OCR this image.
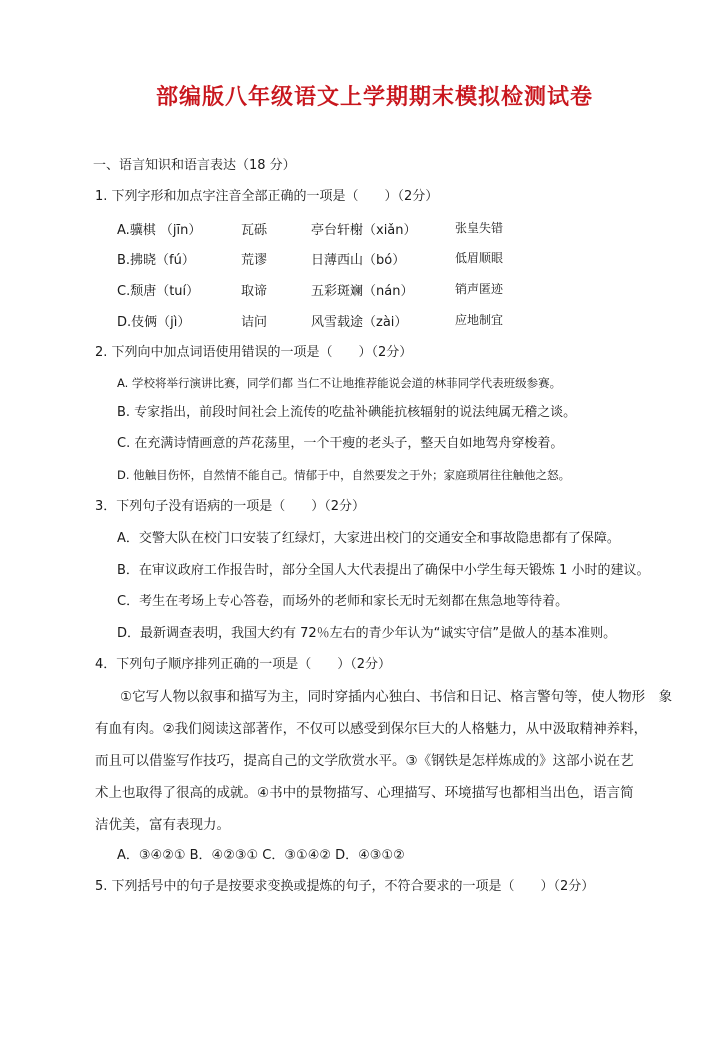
部编版八年级语文上学期期末模拟检测试卷
一、语言知识和语言表达（18 分）
1. 下列字形和加点字注音全部正确的一项是（　　）（2分）
A.骥棋 （jīn）	瓦砾	亭台轩榭（xiǎn）	张皇失错
B.拂晓（fú）	荒谬	日薄西山（bó）	低眉顺眼
C.颓唐（tuí）	取谛	五彩斑斓（nán）	销声匿迹
D.伎俩（jì）	诘问	风雪载途（zài）	应地制宜
2. 下列向中加点词语使用错误的一项是（　　）（2分）
A. 学校将举行演讲比赛，同学们都 当仁不让地推荐能说会道的林菲同学代表班级参赛。
B. 专家指出，前段时间社会上流传的吃盐补碘能抗核辐射的说法纯属无稽之谈。
C. 在充满诗情画意的芦花荡里，一个干瘦的老头子，整天自如地驾舟穿梭着。
D. 他触目伤怀，自然情不能自己。情郁于中，自然要发之于外；家庭琐屑往往触他之怒。
3．下列句子没有语病的一项是（　　）（2分）
A．交警大队在校门口安装了红绿灯，大家进出校门的交通安全和事故隐患都有了保障。
B．在审议政府工作报告时，部分全国人大代表提出了确保中小学生每天锻炼 1 小时的建议。
C．考生在考场上专心答卷，而场外的老师和家长无时无刻都在焦急地等待着。
D．最新调查表明，我国大约有 72％左右的青少年认为“诚实守信”是做人的基本准则。
4．下列句子顺序排列正确的一项是（　　）（2分）
①它写人物以叙事和描写为主，同时穿插内心独白、书信和日记、格言警句等，使人物形　象
有血有肉。②我们阅读这部著作，不仅可以感受到保尔巨大的人格魅力，从中汲取精神养料，
而且可以借鉴写作技巧，提高自己的文学欣赏水平。③《钢铁是怎样炼成的》这部小说在艺
术上也取得了很高的成就。④书中的景物描写、心理描写、环境描写也都相当出色，语言简
洁优美，富有表现力。
A．③④②① B．④②③① C．③①④② D．④③①②
5. 下列括号中的句子是按要求变换或提炼的句子，不符合要求的一项是（　　）（2分）
